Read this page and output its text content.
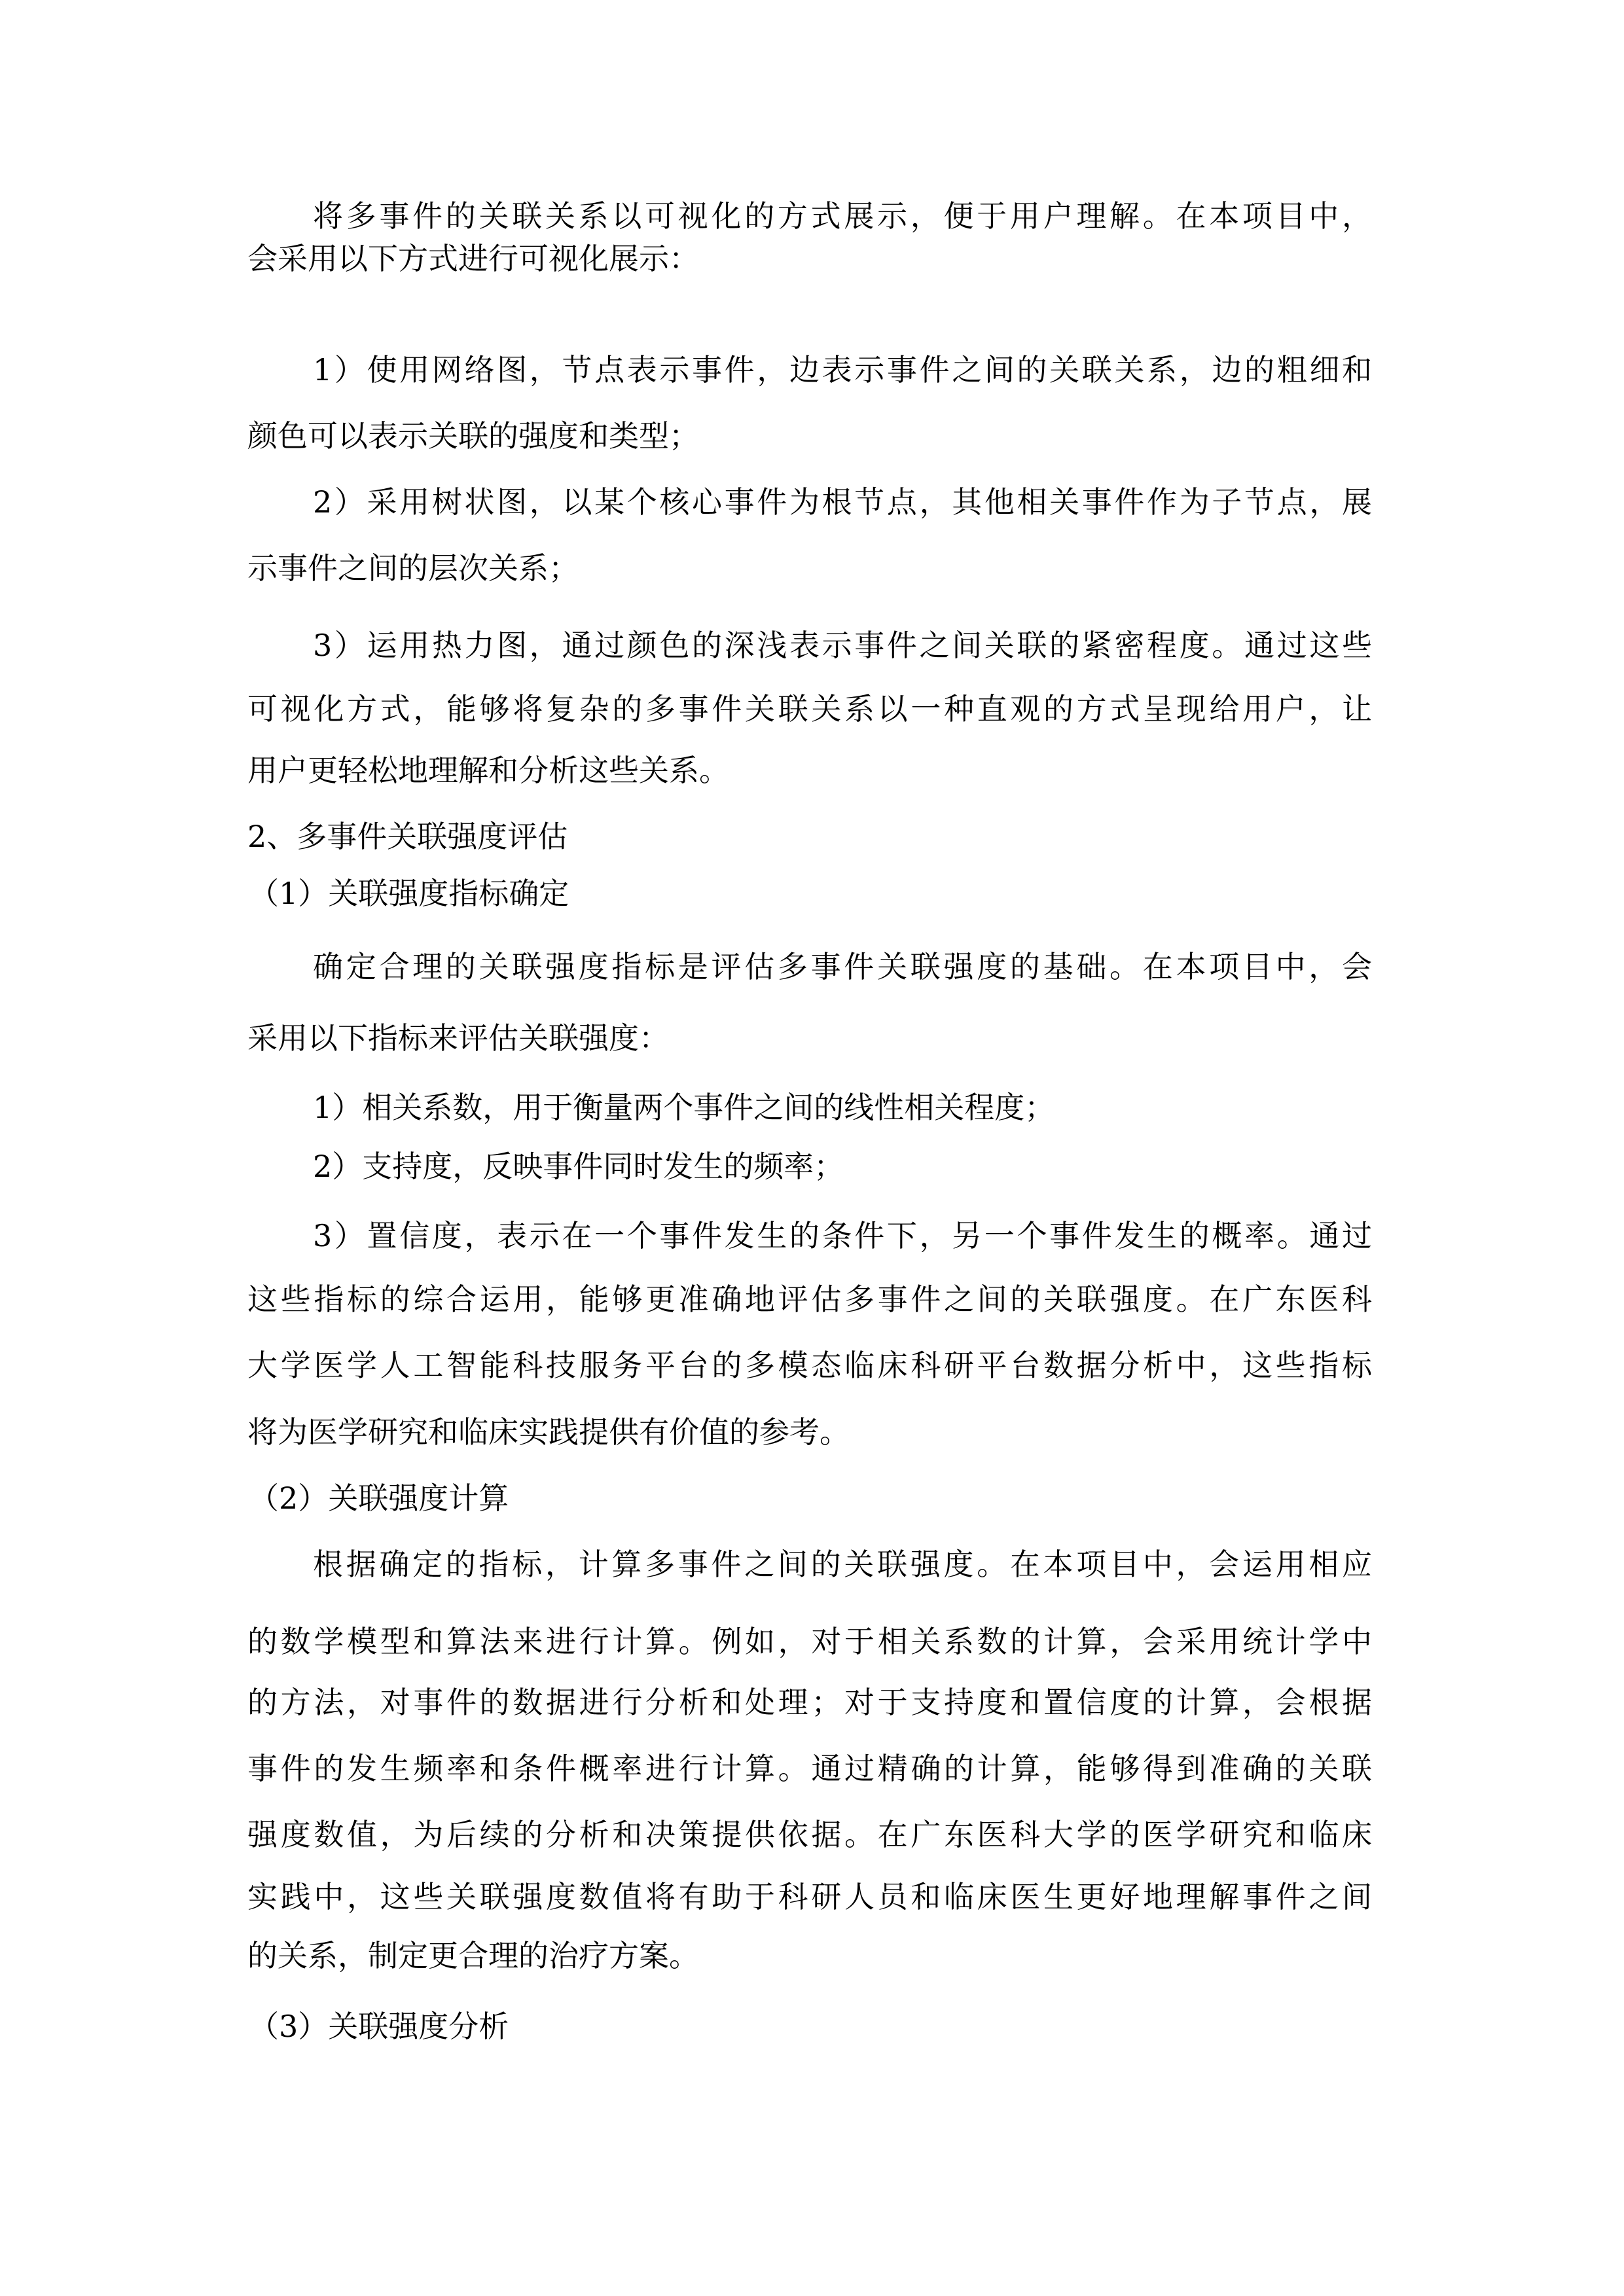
将多事件的关联关系以可视化的方式展示，便于用户理解。在本项目中，
会采用以下方式进行可视化展示：
1）使用网络图，节点表示事件，边表示事件之间的关联关系，边的粗细和
颜色可以表示关联的强度和类型；
2）采用树状图，以某个核心事件为根节点，其他相关事件作为子节点，展
示事件之间的层次关系；
3）运用热力图，通过颜色的深浅表示事件之间关联的紧密程度。通过这些
可视化方式，能够将复杂的多事件关联关系以一种直观的方式呈现给用户，让
用户更轻松地理解和分析这些关系。
2、多事件关联强度评估
（1）关联强度指标确定
确定合理的关联强度指标是评估多事件关联强度的基础。在本项目中，会
采用以下指标来评估关联强度：
1）相关系数，用于衡量两个事件之间的线性相关程度；
2）支持度，反映事件同时发生的频率；
3）置信度，表示在一个事件发生的条件下，另一个事件发生的概率。通过
这些指标的综合运用，能够更准确地评估多事件之间的关联强度。在广东医科
大学医学人工智能科技服务平台的多模态临床科研平台数据分析中，这些指标
将为医学研究和临床实践提供有价值的参考。
（2）关联强度计算
根据确定的指标，计算多事件之间的关联强度。在本项目中，会运用相应
的数学模型和算法来进行计算。例如，对于相关系数的计算，会采用统计学中
的方法，对事件的数据进行分析和处理；对于支持度和置信度的计算，会根据
事件的发生频率和条件概率进行计算。通过精确的计算，能够得到准确的关联
强度数值，为后续的分析和决策提供依据。在广东医科大学的医学研究和临床
实践中，这些关联强度数值将有助于科研人员和临床医生更好地理解事件之间
的关系，制定更合理的治疗方案。
（3）关联强度分析
